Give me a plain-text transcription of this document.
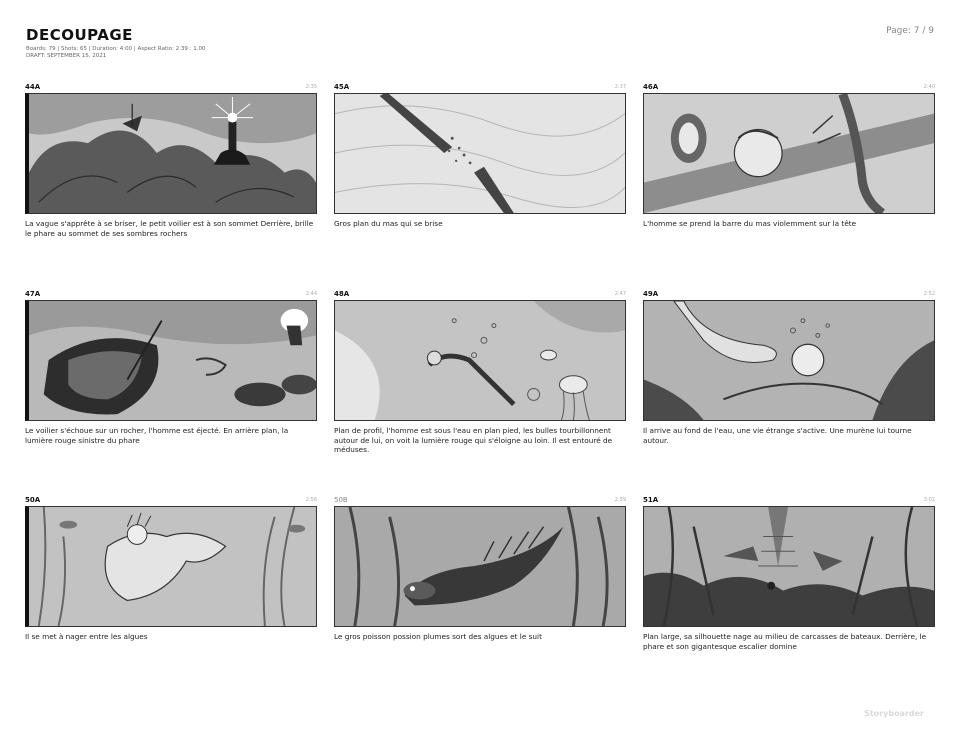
DECOUPAGE
Boards: 79 | Shots: 65 | Duration: 4:00 | Aspect Ratio: 2.39 : 1.00
DRAFT: SEPTEMBER 15, 2021
Page: 7 / 9
44A	2:35
La vague s'apprête à se briser, le petit voilier est à son sommet Derrière, brille le phare au sommet de ses sombres rochers
45A	2:37
Gros plan du mas qui se brise
46A	2:40
L'homme se prend la barre du mas violemment sur la tête
47A	2:44
Le voilier s'échoue sur un rocher, l'homme est éjecté. En arrière plan, la lumière rouge sinistre du phare
48A	2:47
Plan de profil, l'homme est sous l'eau en plan pied, les bulles tourbillonnent autour de lui, on voit la lumière rouge qui s'éloigne au loin. Il est entouré de méduses.
49A	2:52
Il arrive au fond de l'eau, une vie étrange s'active. Une murène lui tourne autour.
50A	2:56
Il se met à nager entre les algues
50B	2:59
Le gros poisson possion plumes sort des algues et le suit
51A	3:02
Plan large, sa silhouette nage au milieu de carcasses de bateaux. Derrière, le phare et son gigantesque escalier domine
Storyboarder
